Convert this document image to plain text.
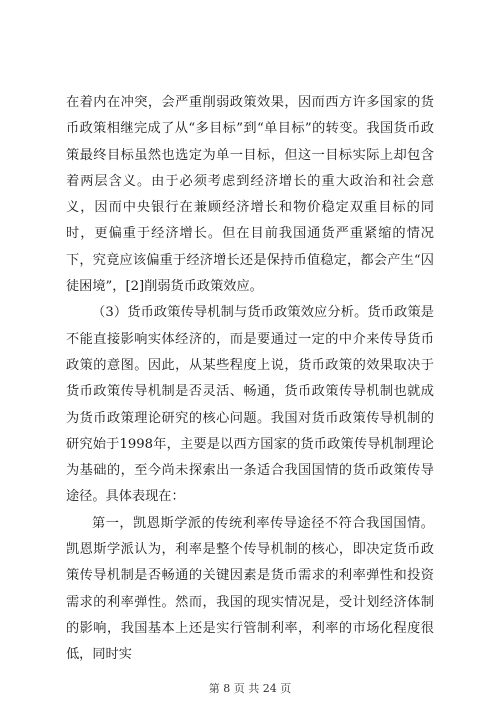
在着内在冲突，会严重削弱政策效果，因而西方许多国家的货币政策相继完成了从“多目标”到“单目标”的转变。我国货币政策最终目标虽然也选定为单一目标，但这一目标实际上却包含着两层含义。由于必须考虑到经济增长的重大政治和社会意义，因而中央银行在兼顾经济增长和物价稳定双重目标的同时，更偏重于经济增长。但在目前我国通货严重紧缩的情况下，究竟应该偏重于经济增长还是保持币值稳定，都会产生“囚徒困境”，[2]削弱货币政策效应。

（3）货币政策传导机制与货币政策效应分析。货币政策是不能直接影响实体经济的，而是要通过一定的中介来传导货币政策的意图。因此，从某些程度上说，货币政策的效果取决于货币政策传导机制是否灵活、畅通，货币政策传导机制也就成为货币政策理论研究的核心问题。我国对货币政策传导机制的研究始于1998年，主要是以西方国家的货币政策传导机制理论为基础的，至今尚未探索出一条适合我国国情的货币政策传导途径。具体表现在：

第一，凯恩斯学派的传统利率传导途径不符合我国国情。凯恩斯学派认为，利率是整个传导机制的核心，即决定货币政策传导机制是否畅通的关键因素是货币需求的利率弹性和投资需求的利率弹性。然而，我国的现实情况是，受计划经济体制的影响，我国基本上还是实行管制利率，利率的市场化程度很低，同时实

第 8 页 共 24 页
